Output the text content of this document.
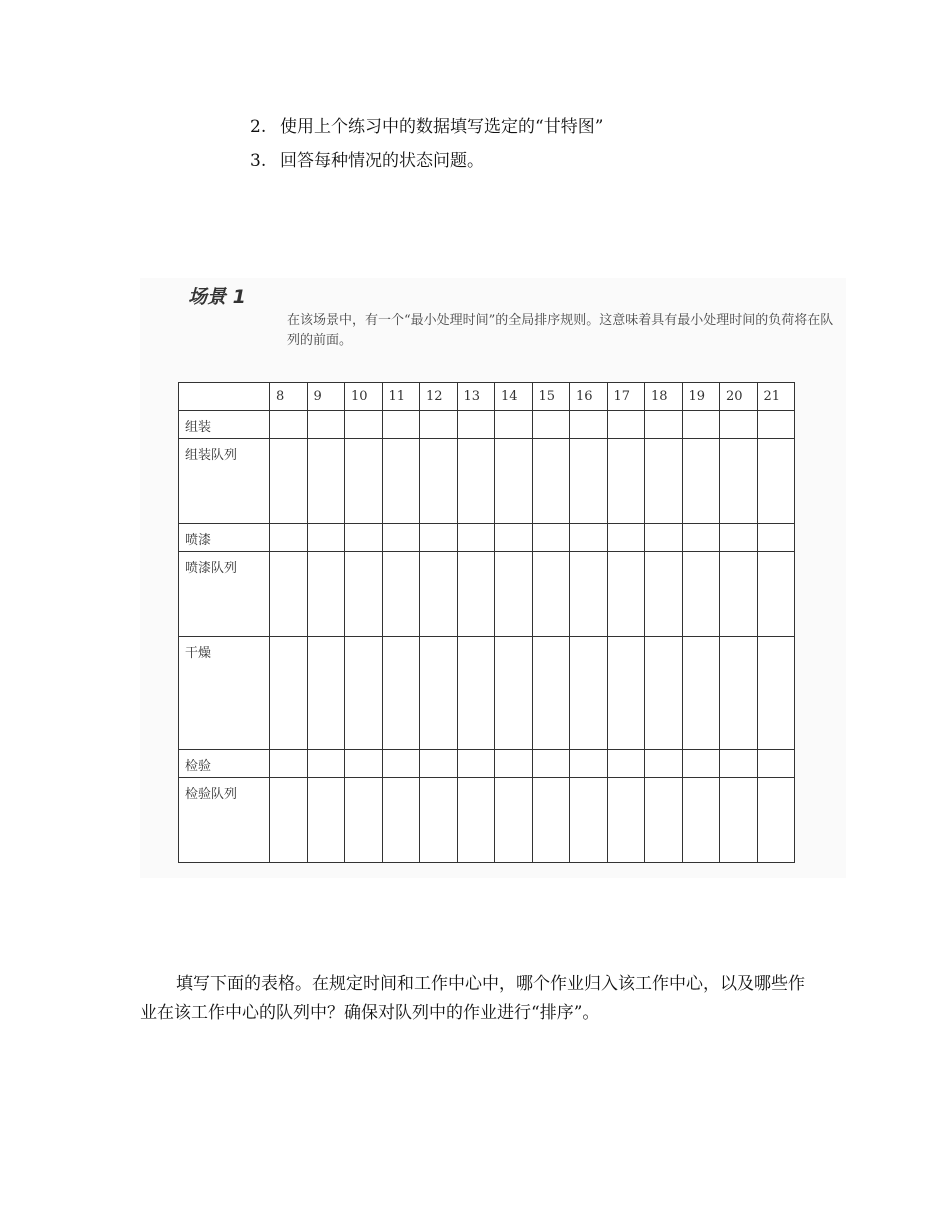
2. 使用上个练习中的数据填写选定的“甘特图”
3. 回答每种情况的状态问题。
场景 1
在该场景中，有一个“最小处理时间”的全局排序规则。这意味着具有最小处理时间的负荷将在队列的前面。
	8	9	10	11	12	13	14	15	16	17	18	19	20	21
组装														
组装队列														
喷漆														
喷漆队列														
干燥														
检验														
检验队列														
填写下面的表格。在规定时间和工作中心中，哪个作业归入该工作中心，以及哪些作业在该工作中心的队列中？确保对队列中的作业进行“排序”。
